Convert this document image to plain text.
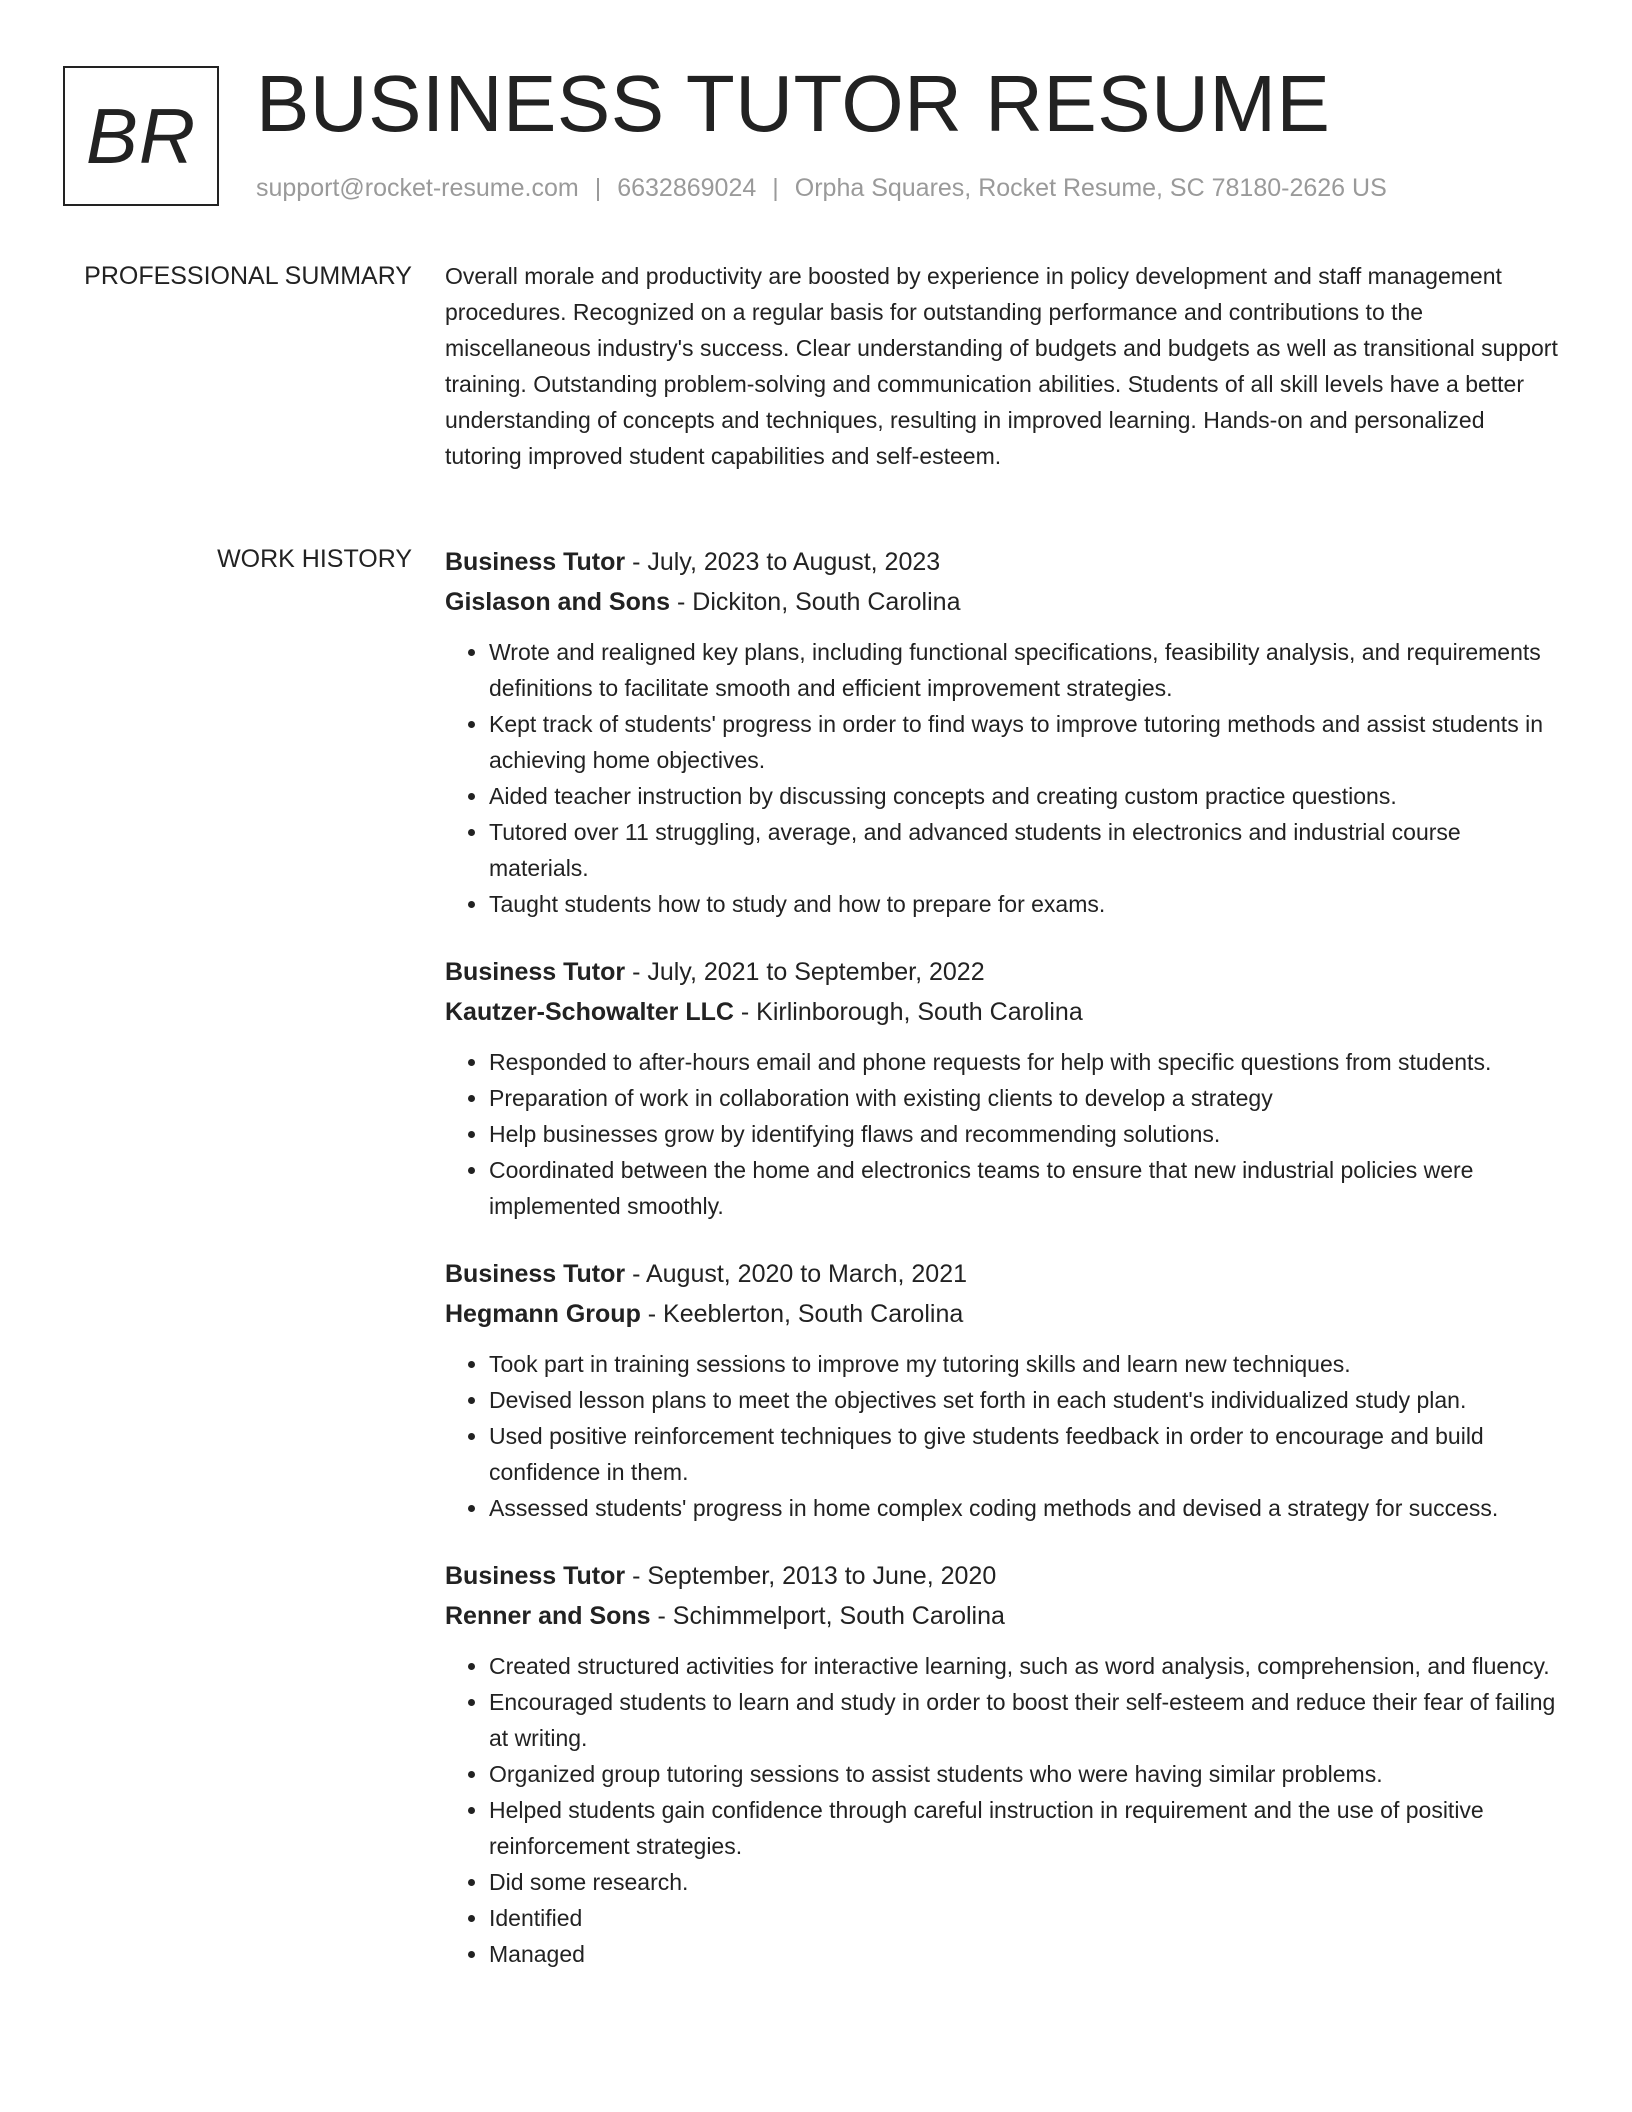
BR BUSINESS TUTOR RESUME
support@rocket-resume.com | 6632869024 | Orpha Squares, Rocket Resume, SC 78180-2626 US
PROFESSIONAL SUMMARY Overall morale and productivity are boosted by experience in policy development and staff management procedures. Recognized on a regular basis for outstanding performance and contributions to the miscellaneous industry's success. Clear understanding of budgets and budgets as well as transitional support training. Outstanding problem-solving and communication abilities. Students of all skill levels have a better understanding of concepts and techniques, resulting in improved learning. Hands-on and personalized tutoring improved student capabilities and self-esteem.
WORK HISTORY Business Tutor - July, 2023 to August, 2023
Gislason and Sons - Dickiton, South Carolina
• Wrote and realigned key plans, including functional specifications, feasibility analysis, and requirements definitions to facilitate smooth and efficient improvement strategies.
• Kept track of students' progress in order to find ways to improve tutoring methods and assist students in achieving home objectives.
• Aided teacher instruction by discussing concepts and creating custom practice questions.
• Tutored over 11 struggling, average, and advanced students in electronics and industrial course materials.
• Taught students how to study and how to prepare for exams.
Business Tutor - July, 2021 to September, 2022
Kautzer-Schowalter LLC - Kirlinborough, South Carolina
• Responded to after-hours email and phone requests for help with specific questions from students.
• Preparation of work in collaboration with existing clients to develop a strategy
• Help businesses grow by identifying flaws and recommending solutions.
• Coordinated between the home and electronics teams to ensure that new industrial policies were implemented smoothly.
Business Tutor - August, 2020 to March, 2021
Hegmann Group - Keeblerton, South Carolina
• Took part in training sessions to improve my tutoring skills and learn new techniques.
• Devised lesson plans to meet the objectives set forth in each student's individualized study plan.
• Used positive reinforcement techniques to give students feedback in order to encourage and build confidence in them.
• Assessed students' progress in home complex coding methods and devised a strategy for success.
Business Tutor - September, 2013 to June, 2020
Renner and Sons - Schimmelport, South Carolina
• Created structured activities for interactive learning, such as word analysis, comprehension, and fluency.
• Encouraged students to learn and study in order to boost their self-esteem and reduce their fear of failing at writing.
• Organized group tutoring sessions to assist students who were having similar problems.
• Helped students gain confidence through careful instruction in requirement and the use of positive reinforcement strategies.
• Did some research.
• Identified
• Managed
